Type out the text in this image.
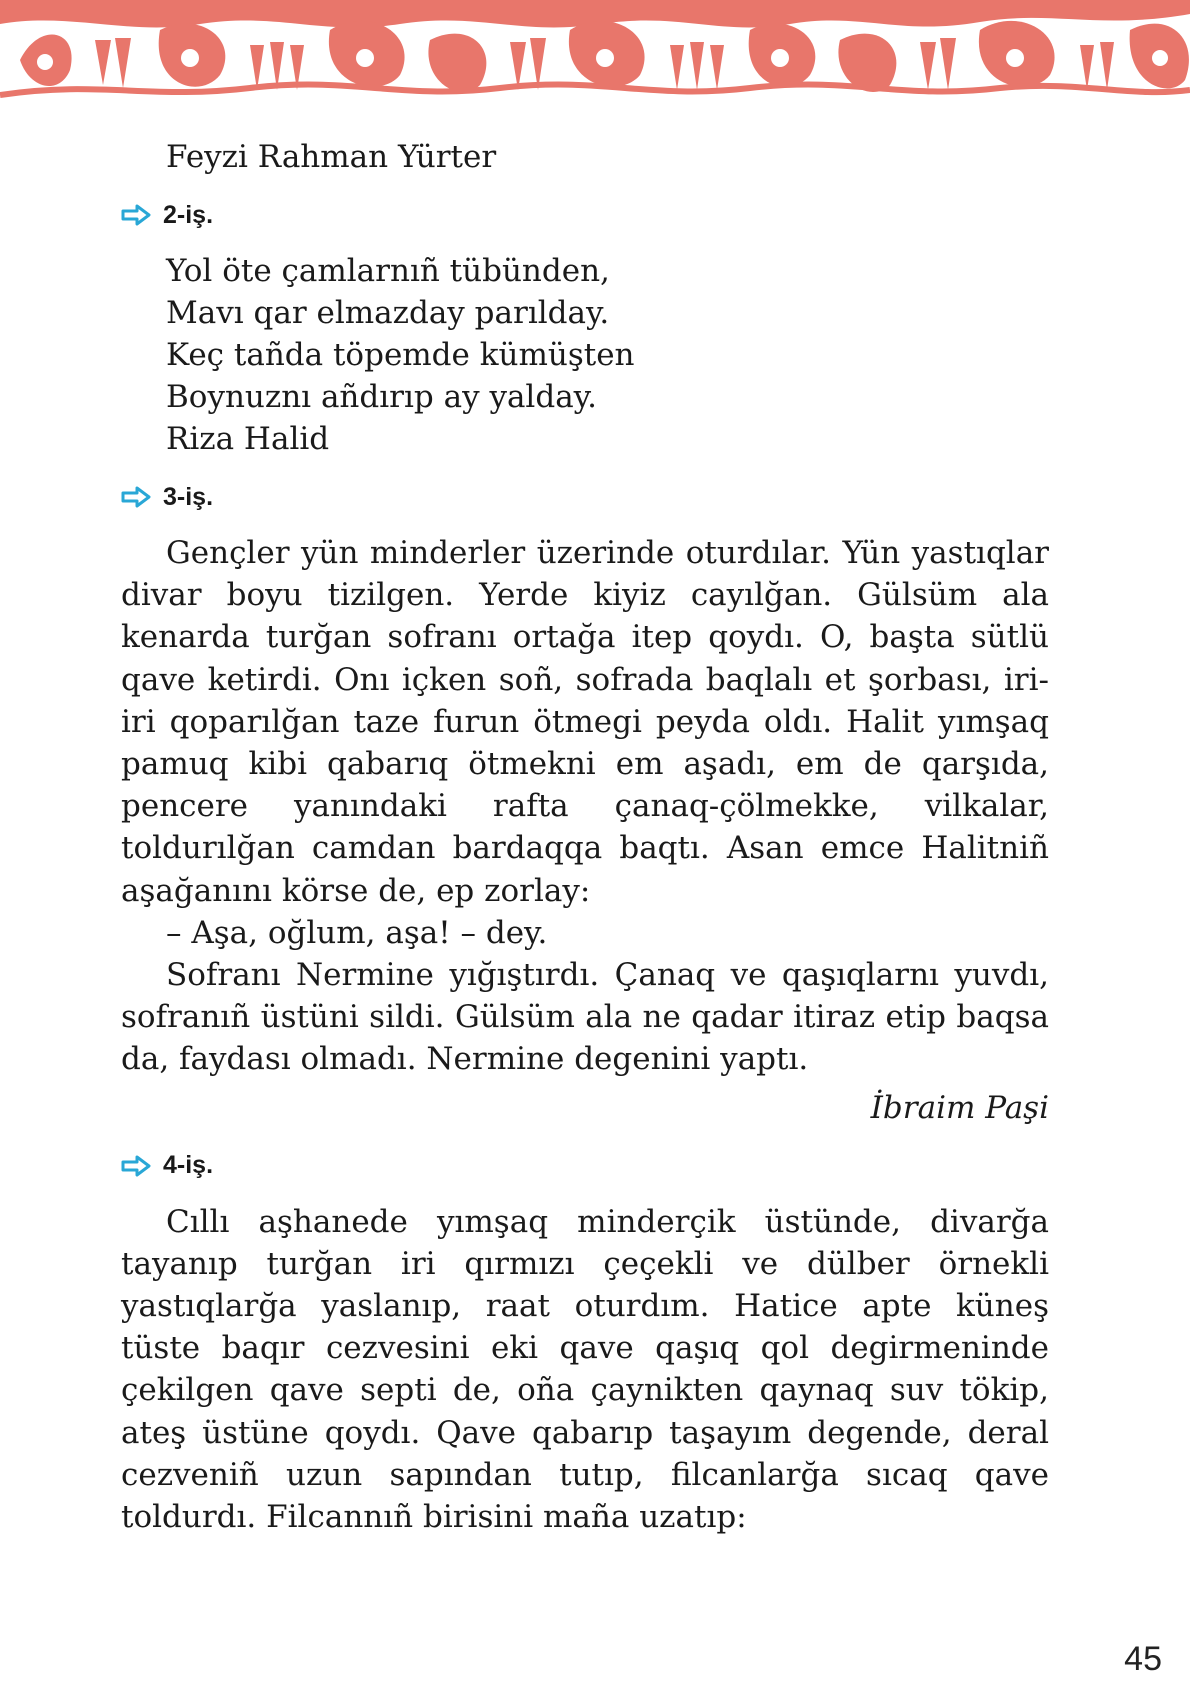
Feyzi Rahman Yürter
2-iş.
Yol öte çamlarnıñ tübünden,
Mavı qar elmazday parılday.
Keç tañda töpemde kümüşten
Boynuznı añdırıp ay yalday.
Riza Halid
3-iş.

Gençler yün minderler üzerinde oturdılar. Yün yastıqlar divar boyu tizilgen. Yerde kiyiz cayılğan. Gülsüm ala kenarda turğan sofranı ortağa itep qoydı. O, başta sütlü qave ketirdi. Onı içken soñ, sofrada baqlalı et şorbası, iri-iri qoparılğan taze furun ötmegi peyda oldı. Halit yımşaq pamuq kibi qabarıq ötmekni em aşadı, em de qarşıda, pencere yanındaki rafta çanaq-çölmekke, vilkalar, toldurılğan camdan bardaqqa baqtı. Asan emce Halitniñ aşağanını körse de, ep zorlay:

– Aşa, oğlum, aşa! – dey.

Sofranı Nermine yığıştırdı. Çanaq ve qaşıqlarnı yuvdı, sofranıñ üstüni sildi. Gülsüm ala ne qadar itiraz etip baqsa da, faydası olmadı. Nermine degenini yaptı.

İbraim Paşi
4-iş.

Cıllı aşhanede yımşaq minderçik üstünde, divarğa tayanıp turğan iri qırmızı çeçekli ve dülber örnekli yastıqlarğa yaslanıp, raat oturdım. Hatice apte küneş tüste baqır cezvesini eki qave qaşıq qol degirmeninde çekilgen qave septi de, oña çaynikten qaynaq suv tökip, ateş üstüne qoydı. Qave qabarıp taşayım degende, deral cezveniñ uzun sapından tutıp, filcanlarğa sıcaq qave toldurdı. Filcannıñ birisini maña uzatıp:

45
